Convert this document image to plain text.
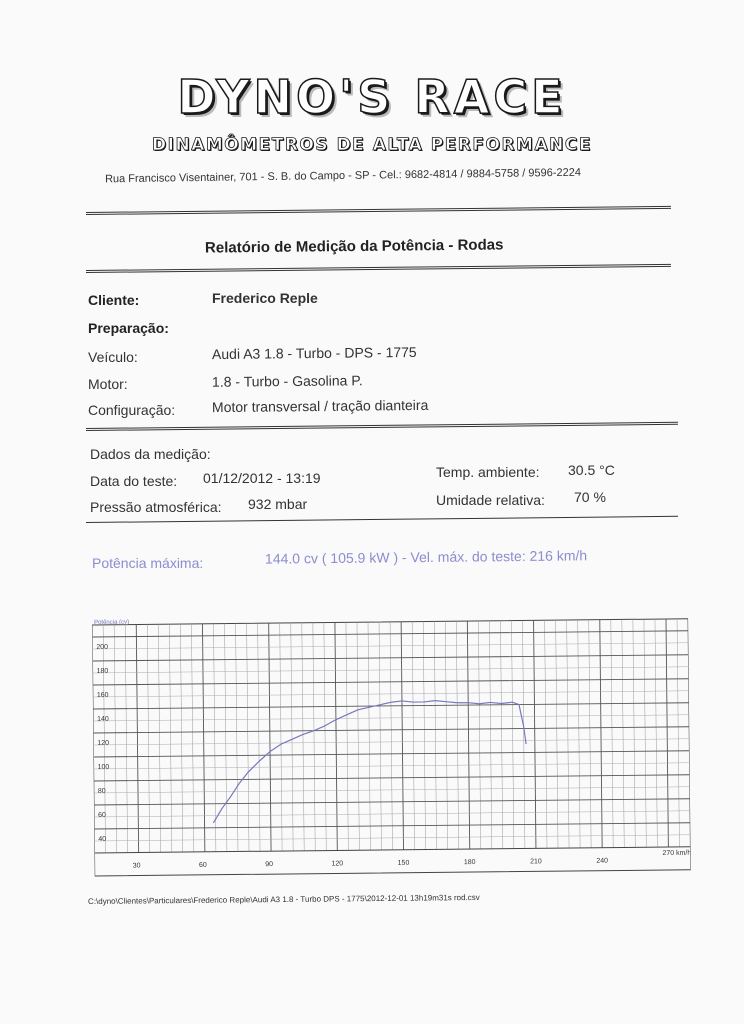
DYNO'S RACE
DINAMÔMETROS DE ALTA PERFORMANCE
Rua Francisco Visentainer, 701 - S. B. do Campo - SP - Cel.: 9682-4814 / 9884-5758 / 9596-2224
Relatório de Medição da Potência - Rodas
Cliente:	Frederico Reple
Preparação:
Veículo:	Audi A3 1.8 - Turbo - DPS - 1775
Motor:	1.8 - Turbo - Gasolina P.
Configuração:	Motor transversal / tração dianteira
Dados da medição:
Data do teste: 01/12/2012 - 13:19
Pressão atmosférica: 932 mbar
Temp. ambiente: 30.5 °C
Umidade relativa: 70 %
Potência máxima:	144.0 cv ( 105.9 kW ) - Vel. máx. do teste: 216 km/h
Potência (cv)
200
180
160
140
120
100
80
60
40
30	60	90	120	150	180	210	240
270 km/h
C:\dyno\Clientes\Particulares\Frederico Reple\Audi A3 1.8 - Turbo DPS - 1775\2012-12-01 13h19m31s rod.csv
